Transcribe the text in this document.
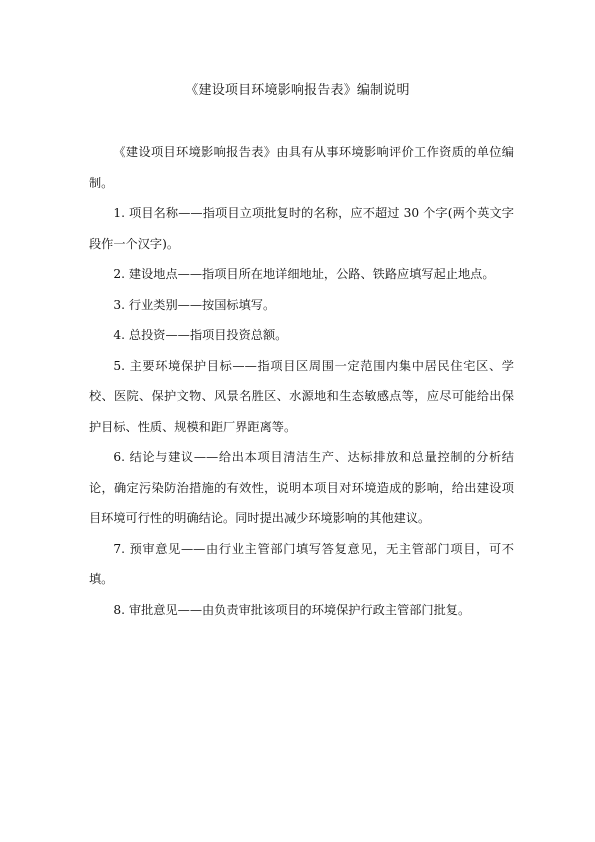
《建设项目环境影响报告表》编制说明

《建设项目环境影响报告表》由具有从事环境影响评价工作资质的单位编制。

1. 项目名称——指项目立项批复时的名称，应不超过 30 个字(两个英文字段作一个汉字)。

2. 建设地点——指项目所在地详细地址，公路、铁路应填写起止地点。

3. 行业类别——按国标填写。

4. 总投资——指项目投资总额。

5. 主要环境保护目标——指项目区周围一定范围内集中居民住宅区、学校、医院、保护文物、风景名胜区、水源地和生态敏感点等，应尽可能给出保护目标、性质、规模和距厂界距离等。

6. 结论与建议——给出本项目清洁生产、达标排放和总量控制的分析结论，确定污染防治措施的有效性，说明本项目对环境造成的影响，给出建设项目环境可行性的明确结论。同时提出减少环境影响的其他建议。

7. 预审意见——由行业主管部门填写答复意见，无主管部门项目，可不填。

8. 审批意见——由负责审批该项目的环境保护行政主管部门批复。
